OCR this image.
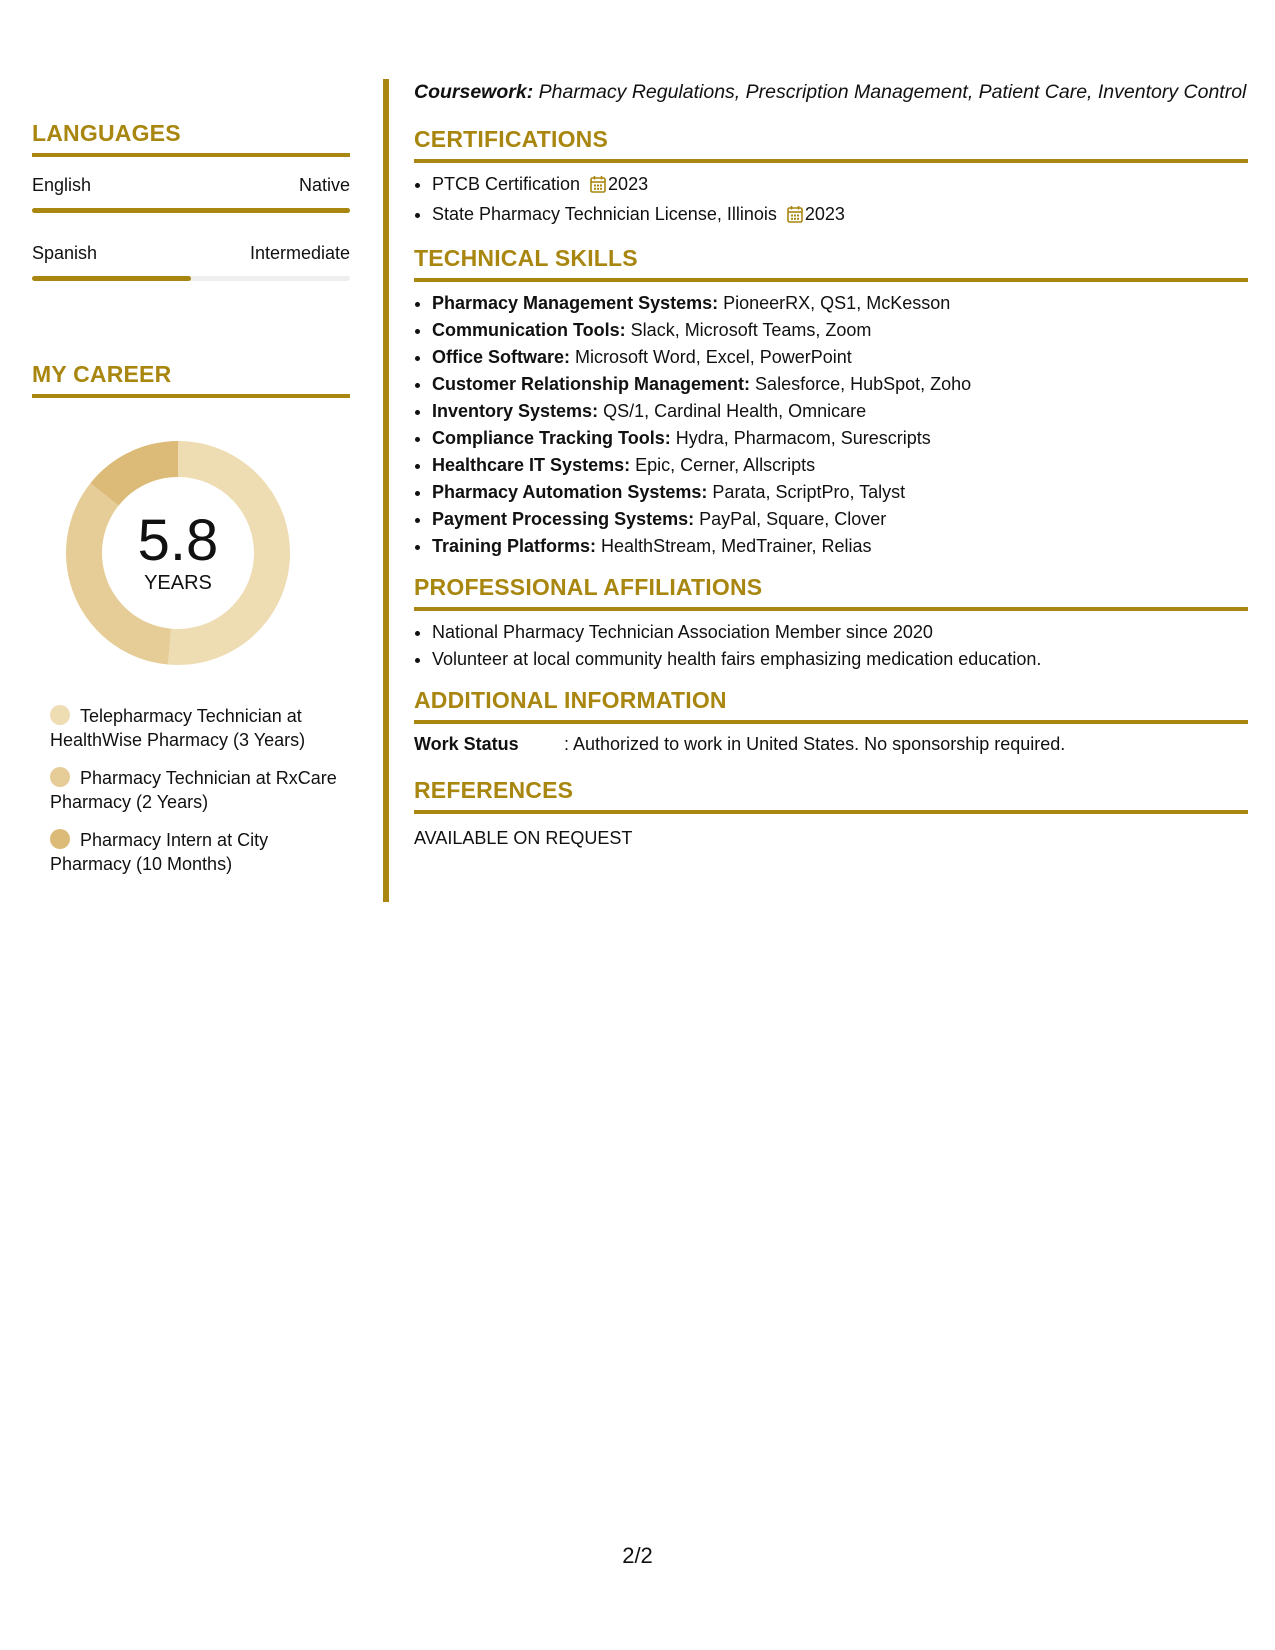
LANGUAGES
English	Native
Spanish	Intermediate
MY CAREER
5.8
YEARS
Telepharmacy Technician at HealthWise Pharmacy (3 Years)
Pharmacy Technician at RxCare Pharmacy (2 Years)
Pharmacy Intern at City Pharmacy (10 Months)

Coursework: Pharmacy Regulations, Prescription Management, Patient Care, Inventory Control

CERTIFICATIONS
• PTCB Certification 2023
• State Pharmacy Technician License, Illinois 2023
TECHNICAL SKILLS
• Pharmacy Management Systems: PioneerRX, QS1, McKesson
• Communication Tools: Slack, Microsoft Teams, Zoom
• Office Software: Microsoft Word, Excel, PowerPoint
• Customer Relationship Management: Salesforce, HubSpot, Zoho
• Inventory Systems: QS/1, Cardinal Health, Omnicare
• Compliance Tracking Tools: Hydra, Pharmacom, Surescripts
• Healthcare IT Systems: Epic, Cerner, Allscripts
• Pharmacy Automation Systems: Parata, ScriptPro, Talyst
• Payment Processing Systems: PayPal, Square, Clover
• Training Platforms: HealthStream, MedTrainer, Relias
PROFESSIONAL AFFILIATIONS
• National Pharmacy Technician Association Member since 2020
• Volunteer at local community health fairs emphasizing medication education.
ADDITIONAL INFORMATION
Work Status	: Authorized to work in United States. No sponsorship required.
REFERENCES
AVAILABLE ON REQUEST
2/2
